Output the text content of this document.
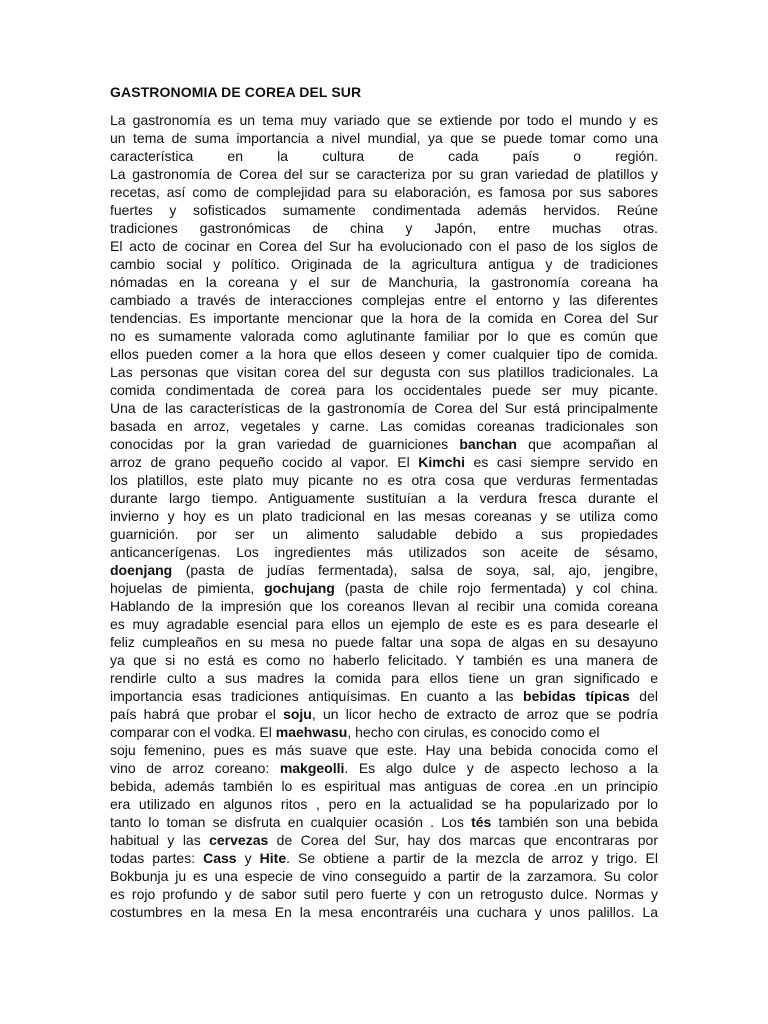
GASTRONOMIA DE COREA DEL SUR
La gastronomía es un tema muy variado que se extiende por todo el mundo y es
un tema de suma importancia a nivel mundial, ya que se puede tomar como una
característica en la cultura de cada país o región.
La gastronomía de Corea del sur se caracteriza por su gran variedad de platillos y
recetas, así como de complejidad para su elaboración, es famosa por sus sabores
fuertes y sofisticados sumamente condimentada además hervidos. Reúne
tradiciones gastronómicas de china y Japón, entre muchas otras.
El acto de cocinar en Corea del Sur ha evolucionado con el paso de los siglos de
cambio social y político. Originada de la agricultura antigua y de tradiciones
nómadas en la coreana y el sur de Manchuria, la gastronomía coreana ha
cambiado a través de interacciones complejas entre el entorno y las diferentes
tendencias. Es importante mencionar que la hora de la comida en Corea del Sur
no es sumamente valorada como aglutinante familiar por lo que es común que
ellos pueden comer a la hora que ellos deseen y comer cualquier tipo de comida.
Las personas que visitan corea del sur degusta con sus platillos tradicionales. La
comida condimentada de corea para los occidentales puede ser muy picante.
Una de las características de la gastronomía de Corea del Sur está principalmente
basada en arroz, vegetales y carne. Las comidas coreanas tradicionales son
conocidas por la gran variedad de guarniciones banchan que acompañan al
arroz de grano pequeño cocido al vapor. El Kimchi es casi siempre servido en
los platillos, este plato muy picante no es otra cosa que verduras fermentadas
durante largo tiempo. Antiguamente sustituían a la verdura fresca durante el
invierno y hoy es un plato tradicional en las mesas coreanas y se utiliza como
guarnición. por ser un alimento saludable debido a sus propiedades
anticancerígenas. Los ingredientes más utilizados son aceite de sésamo,
doenjang (pasta de judías fermentada), salsa de soya, sal, ajo, jengibre,
hojuelas de pimienta, gochujang (pasta de chile rojo fermentada) y col china.
Hablando de la impresión que los coreanos llevan al recibir una comida coreana
es muy agradable esencial para ellos un ejemplo de este es es para desearle el
feliz cumpleaños en su mesa no puede faltar una sopa de algas en su desayuno
ya que si no está es como no haberlo felicitado. Y también es una manera de
rendirle culto a sus madres la comida para ellos tiene un gran significado e
importancia esas tradiciones antiquísimas. En cuanto a las bebidas típicas del
país habrá que probar el soju, un licor hecho de extracto de arroz que se podría
comparar con el vodka. El maehwasu, hecho con cirulas, es conocido como el
soju femenino, pues es más suave que este. Hay una bebida conocida como el
vino de arroz coreano: makgeolli. Es algo dulce y de aspecto lechoso a la
bebida, además también lo es espiritual mas antiguas de corea .en un principio
era utilizado en algunos ritos , pero en la actualidad se ha popularizado por lo
tanto lo toman se disfruta en cualquier ocasión . Los tés también son una bebida
habitual y las cervezas de Corea del Sur, hay dos marcas que encontraras por
todas partes: Cass y Hite. Se obtiene a partir de la mezcla de arroz y trigo. El
Bokbunja ju es una especie de vino conseguido a partir de la zarzamora. Su color
es rojo profundo y de sabor sutil pero fuerte y con un retrogusto dulce. Normas y
costumbres en la mesa En la mesa encontraréis una cuchara y unos palillos. La
